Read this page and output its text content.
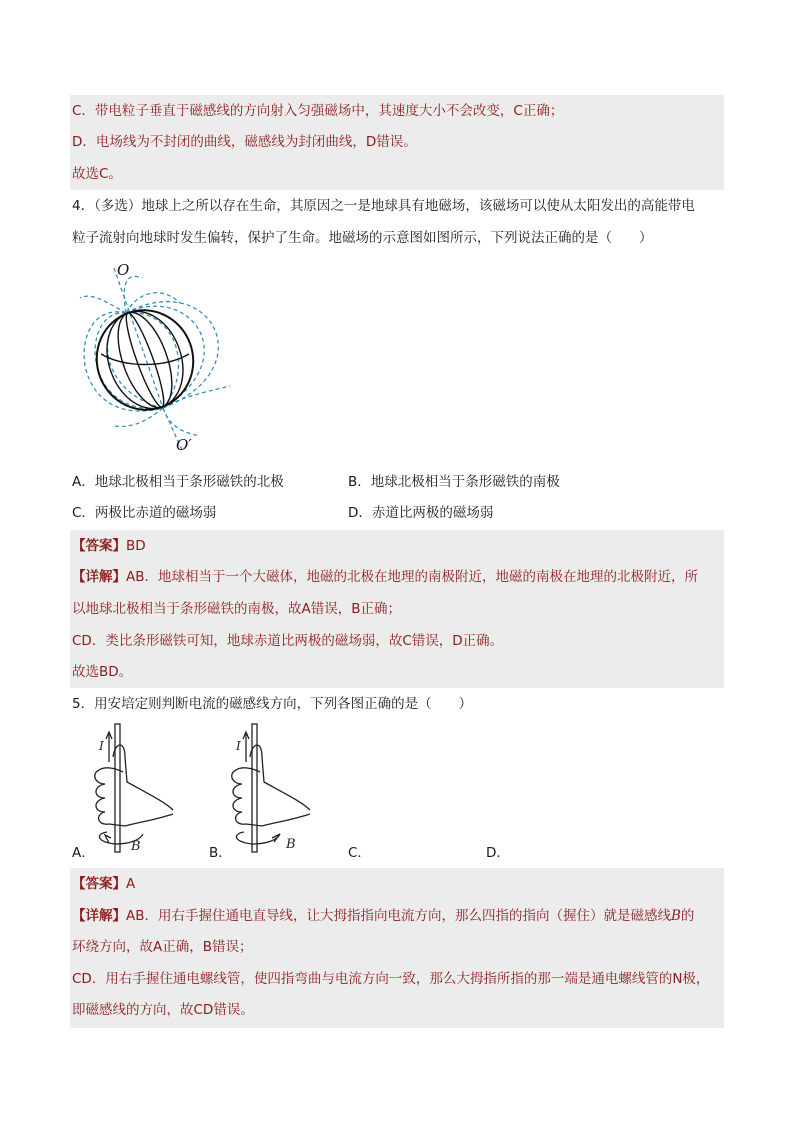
C．带电粒子垂直于磁感线的方向射入匀强磁场中，其速度大小不会改变，C正确；
D．电场线为不封闭的曲线，磁感线为封闭曲线，D错误。
故选C。
4．（多选）地球上之所以存在生命，其原因之一是地球具有地磁场，该磁场可以使从太阳发出的高能带电
粒子流射向地球时发生偏转，保护了生命。地磁场的示意图如图所示，下列说法正确的是（　　）
O
O′
A．地球北极相当于条形磁铁的北极	B．地球北极相当于条形磁铁的南极
C．两极比赤道的磁场弱	D．赤道比两极的磁场弱
【答案】BD
【详解】AB．地球相当于一个大磁体，地磁的北极在地理的南极附近，地磁的南极在地理的北极附近，所
以地球北极相当于条形磁铁的南极，故A错误，B正确；
CD．类比条形磁铁可知，地球赤道比两极的磁场弱，故C错误，D正确。
故选BD。
5．用安培定则判断电流的磁感线方向，下列各图正确的是（　　）
I
B
I
B
A．	B．	C．	D．
【答案】A
【详解】AB．用右手握住通电直导线，让大拇指指向电流方向，那么四指的指向（握住）就是磁感线B的
环绕方向，故A正确，B错误；
CD．用右手握住通电螺线管，使四指弯曲与电流方向一致，那么大拇指所指的那一端是通电螺线管的N极，
即磁感线的方向，故CD错误。
